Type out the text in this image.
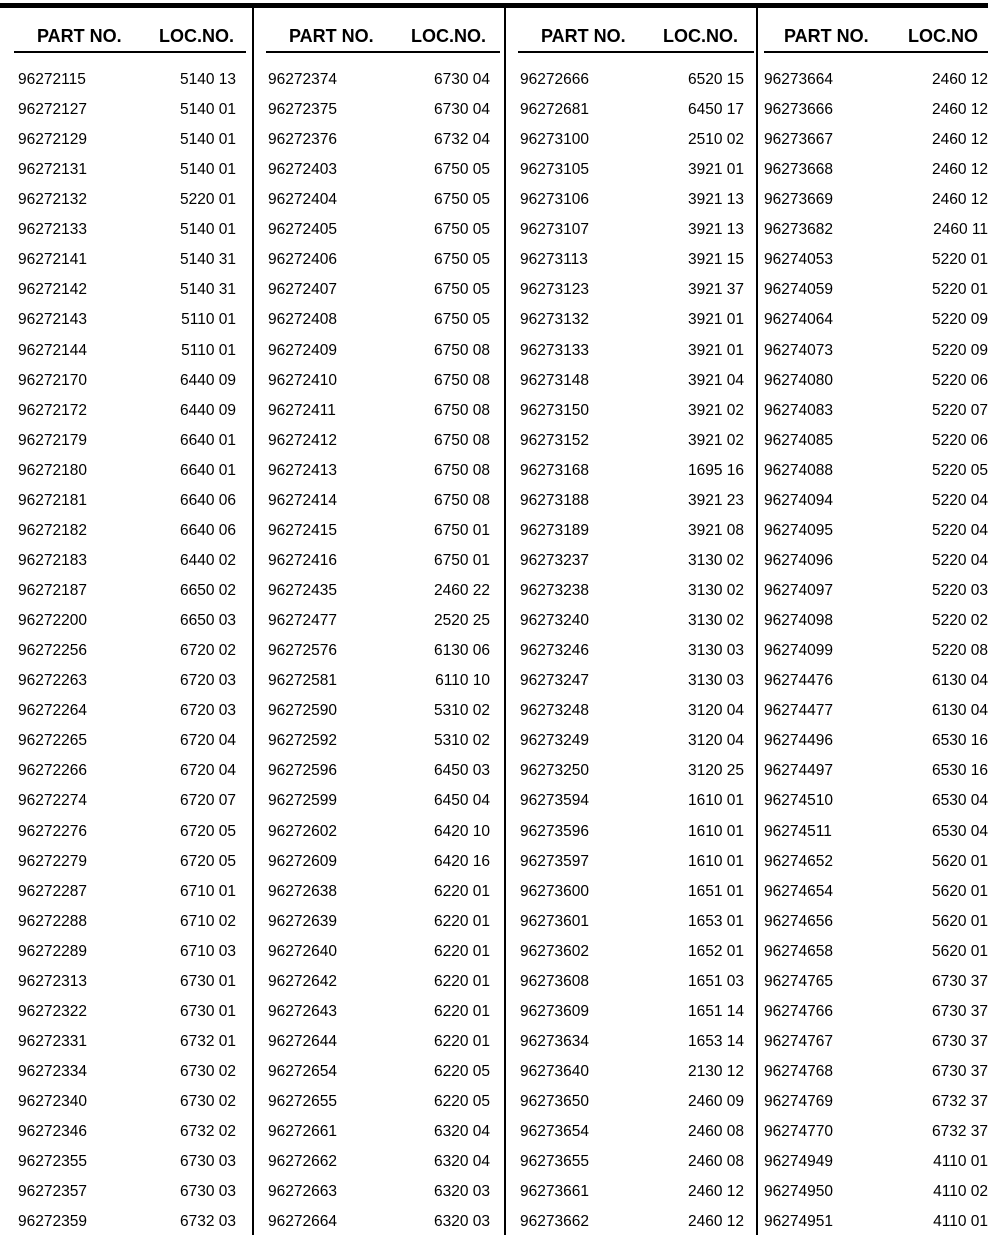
PART NO. LOC.NO.
96272115	5140 13
96272127	5140 01
96272129	5140 01
96272131	5140 01
96272132	5220 01
96272133	5140 01
96272141	5140 31
96272142	5140 31
96272143	5110 01
96272144	5110 01
96272170	6440 09
96272172	6440 09
96272179	6640 01
96272180	6640 01
96272181	6640 06
96272182	6640 06
96272183	6440 02
96272187	6650 02
96272200	6650 03
96272256	6720 02
96272263	6720 03
96272264	6720 03
96272265	6720 04
96272266	6720 04
96272274	6720 07
96272276	6720 05
96272279	6720 05
96272287	6710 01
96272288	6710 02
96272289	6710 03
96272313	6730 01
96272322	6730 01
96272331	6732 01
96272334	6730 02
96272340	6730 02
96272346	6732 02
96272355	6730 03
96272357	6730 03
96272359	6732 03
PART NO. LOC.NO.
96272374	6730 04
96272375	6730 04
96272376	6732 04
96272403	6750 05
96272404	6750 05
96272405	6750 05
96272406	6750 05
96272407	6750 05
96272408	6750 05
96272409	6750 08
96272410	6750 08
96272411	6750 08
96272412	6750 08
96272413	6750 08
96272414	6750 08
96272415	6750 01
96272416	6750 01
96272435	2460 22
96272477	2520 25
96272576	6130 06
96272581	6110 10
96272590	5310 02
96272592	5310 02
96272596	6450 03
96272599	6450 04
96272602	6420 10
96272609	6420 16
96272638	6220 01
96272639	6220 01
96272640	6220 01
96272642	6220 01
96272643	6220 01
96272644	6220 01
96272654	6220 05
96272655	6220 05
96272661	6320 04
96272662	6320 04
96272663	6320 03
96272664	6320 03
PART NO. LOC.NO.
96272666	6520 15
96272681	6450 17
96273100	2510 02
96273105	3921 01
96273106	3921 13
96273107	3921 13
96273113	3921 15
96273123	3921 37
96273132	3921 01
96273133	3921 01
96273148	3921 04
96273150	3921 02
96273152	3921 02
96273168	1695 16
96273188	3921 23
96273189	3921 08
96273237	3130 02
96273238	3130 02
96273240	3130 02
96273246	3130 03
96273247	3130 03
96273248	3120 04
96273249	3120 04
96273250	3120 25
96273594	1610 01
96273596	1610 01
96273597	1610 01
96273600	1651 01
96273601	1653 01
96273602	1652 01
96273608	1651 03
96273609	1651 14
96273634	1653 14
96273640	2130 12
96273650	2460 09
96273654	2460 08
96273655	2460 08
96273661	2460 12
96273662	2460 12
PART NO. LOC.NO
96273664	2460 12
96273666	2460 12
96273667	2460 12
96273668	2460 12
96273669	2460 12
96273682	2460 11
96274053	5220 01
96274059	5220 01
96274064	5220 09
96274073	5220 09
96274080	5220 06
96274083	5220 07
96274085	5220 06
96274088	5220 05
96274094	5220 04
96274095	5220 04
96274096	5220 04
96274097	5220 03
96274098	5220 02
96274099	5220 08
96274476	6130 04
96274477	6130 04
96274496	6530 16
96274497	6530 16
96274510	6530 04
96274511	6530 04
96274652	5620 01
96274654	5620 01
96274656	5620 01
96274658	5620 01
96274765	6730 37
96274766	6730 37
96274767	6730 37
96274768	6730 37
96274769	6732 37
96274770	6732 37
96274949	4110 01
96274950	4110 02
96274951	4110 01
